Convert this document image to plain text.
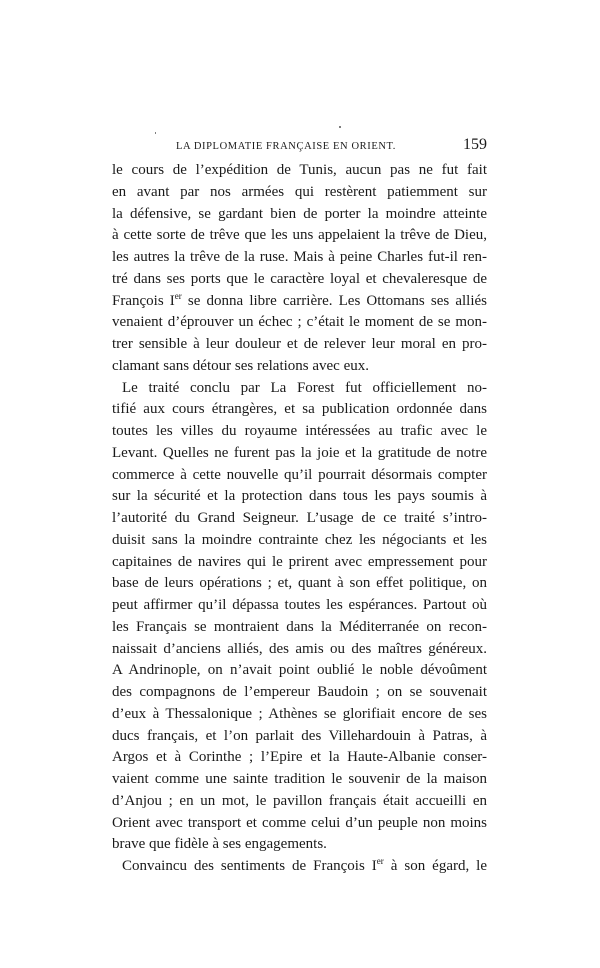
LA DIPLOMATIE FRANÇAISE EN ORIENT.	159
le cours de l’expédition de Tunis, aucun pas ne fut fait
en avant par nos armées qui restèrent patiemment sur
la défensive, se gardant bien de porter la moindre atteinte
à cette sorte de trêve que les uns appelaient la trêve de Dieu,
les autres la trêve de la ruse. Mais à peine Charles fut-il ren-
tré dans ses ports que le caractère loyal et chevaleresque de
François Ier se donna libre carrière. Les Ottomans ses alliés
venaient d’éprouver un échec ; c’était le moment de se mon-
trer sensible à leur douleur et de relever leur moral en pro-
clamant sans détour ses relations avec eux.
Le traité conclu par La Forest fut officiellement no-
tifié aux cours étrangères, et sa publication ordonnée dans
toutes les villes du royaume intéressées au trafic avec le
Levant. Quelles ne furent pas la joie et la gratitude de notre
commerce à cette nouvelle qu’il pourrait désormais compter
sur la sécurité et la protection dans tous les pays soumis à
l’autorité du Grand Seigneur. L’usage de ce traité s’intro-
duisit sans la moindre contrainte chez les négociants et les
capitaines de navires qui le prirent avec empressement pour
base de leurs opérations ; et, quant à son effet politique, on
peut affirmer qu’il dépassa toutes les espérances. Partout où
les Français se montraient dans la Méditerranée on recon-
naissait d’anciens alliés, des amis ou des maîtres généreux.
A Andrinople, on n’avait point oublié le noble dévoûment
des compagnons de l’empereur Baudoin ; on se souvenait
d’eux à Thessalonique ; Athènes se glorifiait encore de ses
ducs français, et l’on parlait des Villehardouin à Patras, à
Argos et à Corinthe ; l’Epire et la Haute-Albanie conser-
vaient comme une sainte tradition le souvenir de la maison
d’Anjou ; en un mot, le pavillon français était accueilli en
Orient avec transport et comme celui d’un peuple non moins
brave que fidèle à ses engagements.
Convaincu des sentiments de François Ier à son égard, le
